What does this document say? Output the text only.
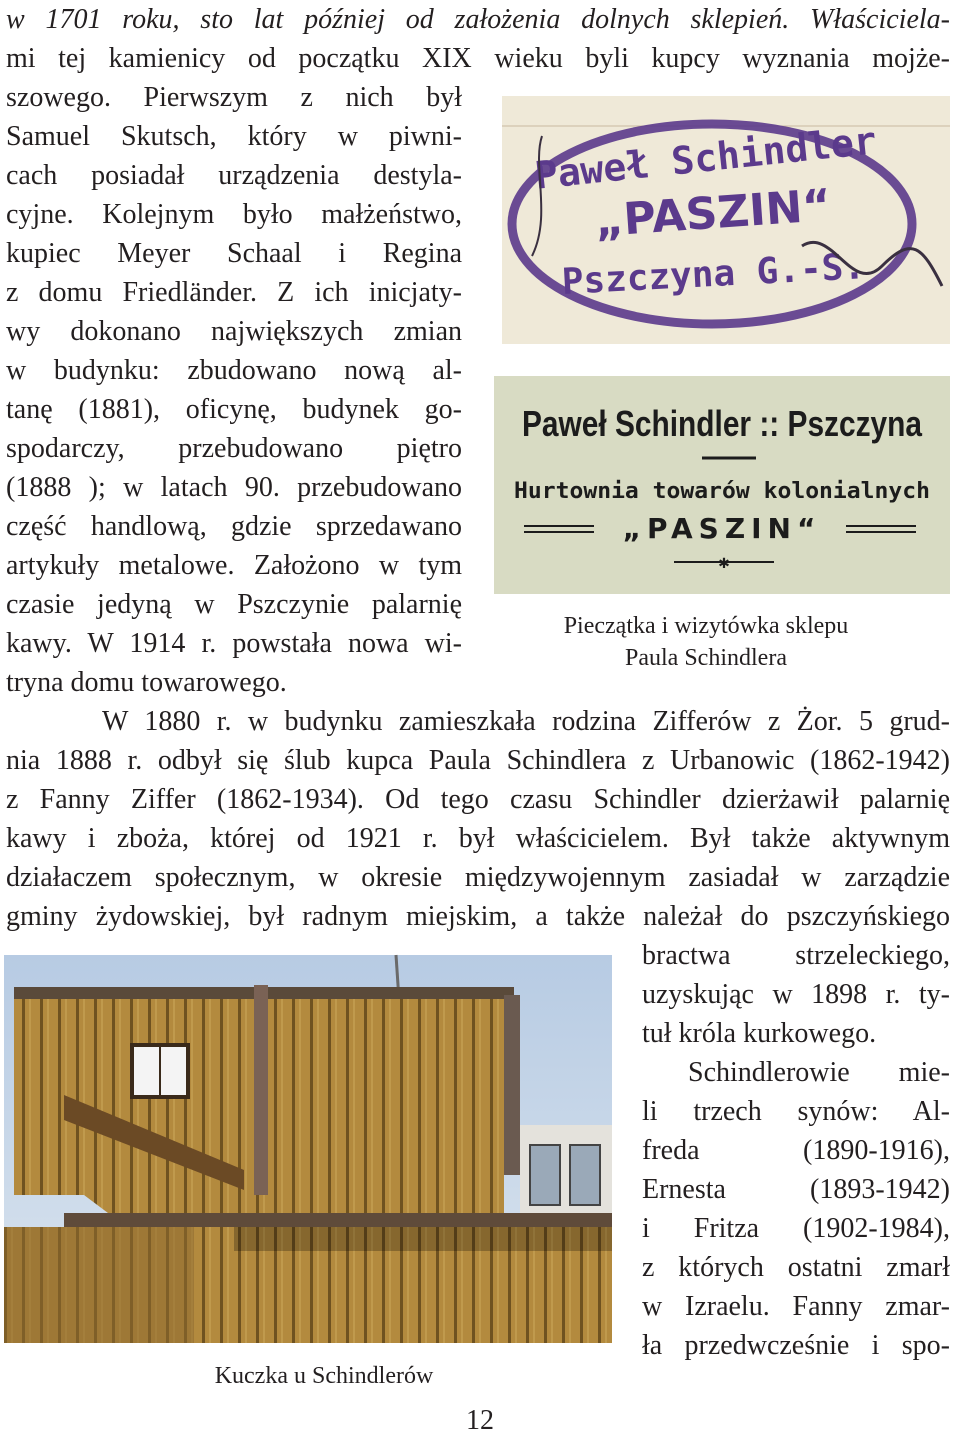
w 1701 roku, sto lat później od założenia dolnych sklepień. Właściciela-
mi tej kamienicy od początku XIX wieku byli kupcy wyznania mojże-
szowego. Pierwszym z nich był
Samuel Skutsch, który w piwni-
cach posiadał urządzenia destyla-
cyjne. Kolejnym było małżeństwo,
kupiec Meyer Schaal i Regina
z domu Friedländer. Z ich inicjaty-
wy dokonano największych zmian
w budynku: zbudowano nową al-
tanę (1881), oficynę, budynek go-
spodarczy, przebudowano piętro
(1888 ); w latach 90. przebudowano
część handlową, gdzie sprzedawano
artykuły metalowe. Założono w tym
czasie jedyną w Pszczynie palarnię
kawy. W 1914 r. powstała nowa wi-
tryna domu towarowego.
W 1880 r. w budynku zamieszkała rodzina Zifferów z Żor. 5 grud-
nia 1888 r. odbył się ślub kupca Paula Schindlera z Urbanowic (1862-1942)
z Fanny Ziffer (1862-1934). Od tego czasu Schindler dzierżawił palarnię
kawy i zboża, której od 1921 r. był właścicielem. Był także aktywnym
działaczem społecznym, w okresie międzywojennym zasiadał w zarządzie
gminy żydowskiej, był radnym miejskim, a także należał do pszczyńskiego
bractwa strzeleckiego,
uzyskując w 1898 r. ty-
tuł króla kurkowego.
Schindlerowie mie-
li trzech synów: Al-
freda (1890-1916),
Ernesta (1893-1942)
i Fritza (1902-1984),
z których ostatni zmarł
w Izraelu. Fanny zmar-
ła przedwcześnie i spo-
Paweł Schindler
„PASZIN“
Pszczyna G.-S.
Paweł Schindler :: Pszczyna
Hurtownia towarów kolonialnych
„PASZIN“
✱
Pieczątka i wizytówka sklepu
Paula Schindlera
Kuczka u Schindlerów
12
